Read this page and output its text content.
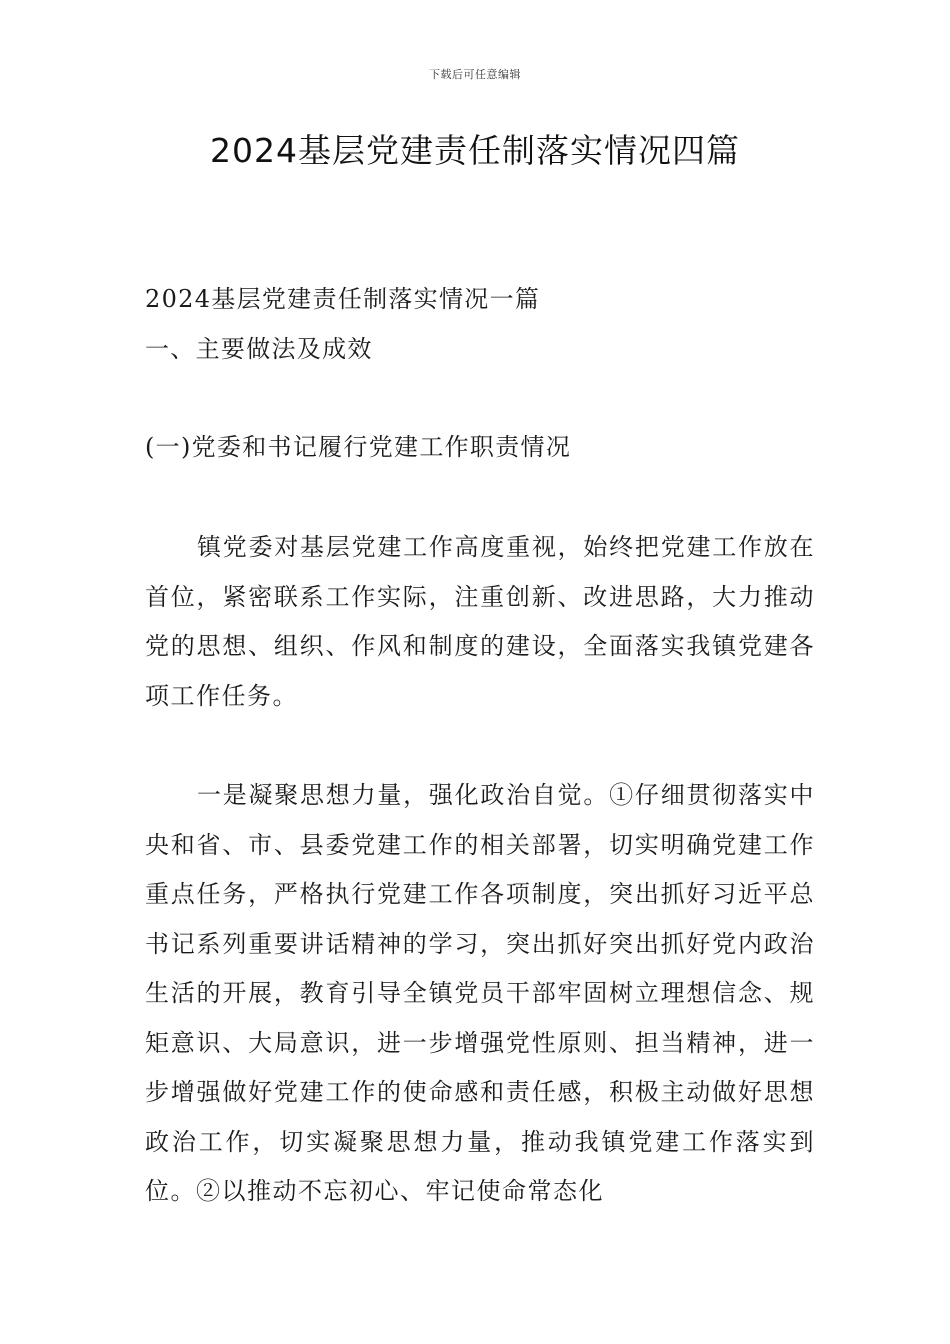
下载后可任意编辑
2024基层党建责任制落实情况四篇
2024基层党建责任制落实情况一篇
一、主要做法及成效
(一)党委和书记履行党建工作职责情况

镇党委对基层党建工作高度重视，始终把党建工作放在首位，紧密联系工作实际，注重创新、改进思路，大力推动党的思想、组织、作风和制度的建设，全面落实我镇党建各项工作任务。

一是凝聚思想力量，强化政治自觉。①仔细贯彻落实中央和省、市、县委党建工作的相关部署，切实明确党建工作重点任务，严格执行党建工作各项制度，突出抓好习近平总书记系列重要讲话精神的学习，突出抓好突出抓好党内政治生活的开展，教育引导全镇党员干部牢固树立理想信念、规矩意识、大局意识，进一步增强党性原则、担当精神，进一步增强做好党建工作的使命感和责任感，积极主动做好思想政治工作，切实凝聚思想力量，推动我镇党建工作落实到位。②以推动不忘初心、牢记使命常态化
